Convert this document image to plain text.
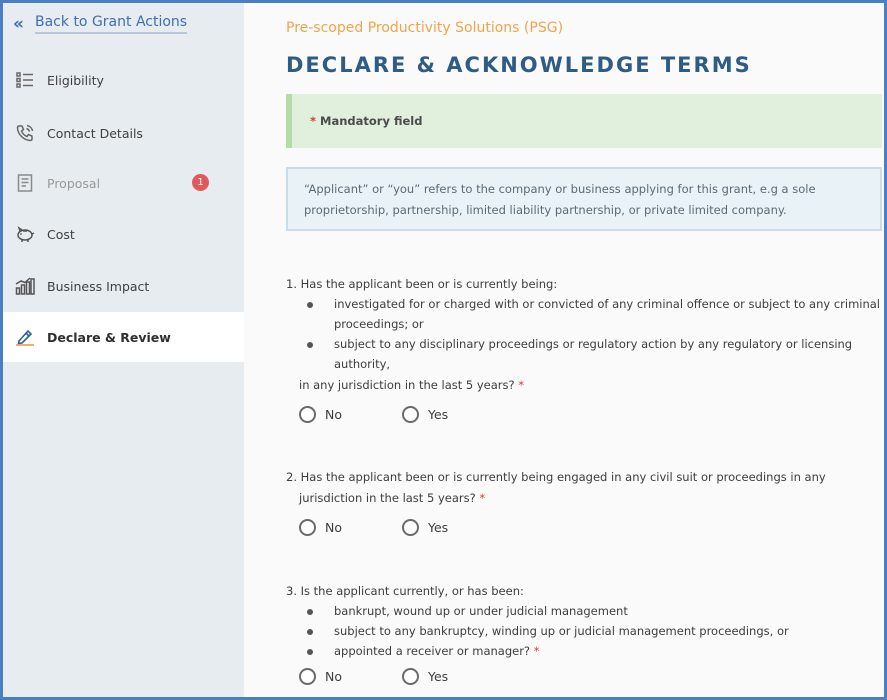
« Back to Grant Actions
Eligibility
Contact Details
Proposal	1
Cost
Business Impact
Declare & Review
Pre-scoped Productivity Solutions (PSG)
DECLARE & ACKNOWLEDGE TERMS
* Mandatory field
“Applicant” or “you” refers to the company or business applying for this grant, e.g a sole proprietorship, partnership, limited liability partnership, or private limited company.
1. Has the applicant been or is currently being:
investigated for or charged with or convicted of any criminal offence or subject to any criminal proceedings; or
subject to any disciplinary proceedings or regulatory action by any regulatory or licensing authority,
in any jurisdiction in the last 5 years? *
No	Yes
2. Has the applicant been or is currently being engaged in any civil suit or proceedings in any
jurisdiction in the last 5 years? *
No	Yes
3. Is the applicant currently, or has been:
bankrupt, wound up or under judicial management
subject to any bankruptcy, winding up or judicial management proceedings, or
appointed a receiver or manager? *
No	Yes
